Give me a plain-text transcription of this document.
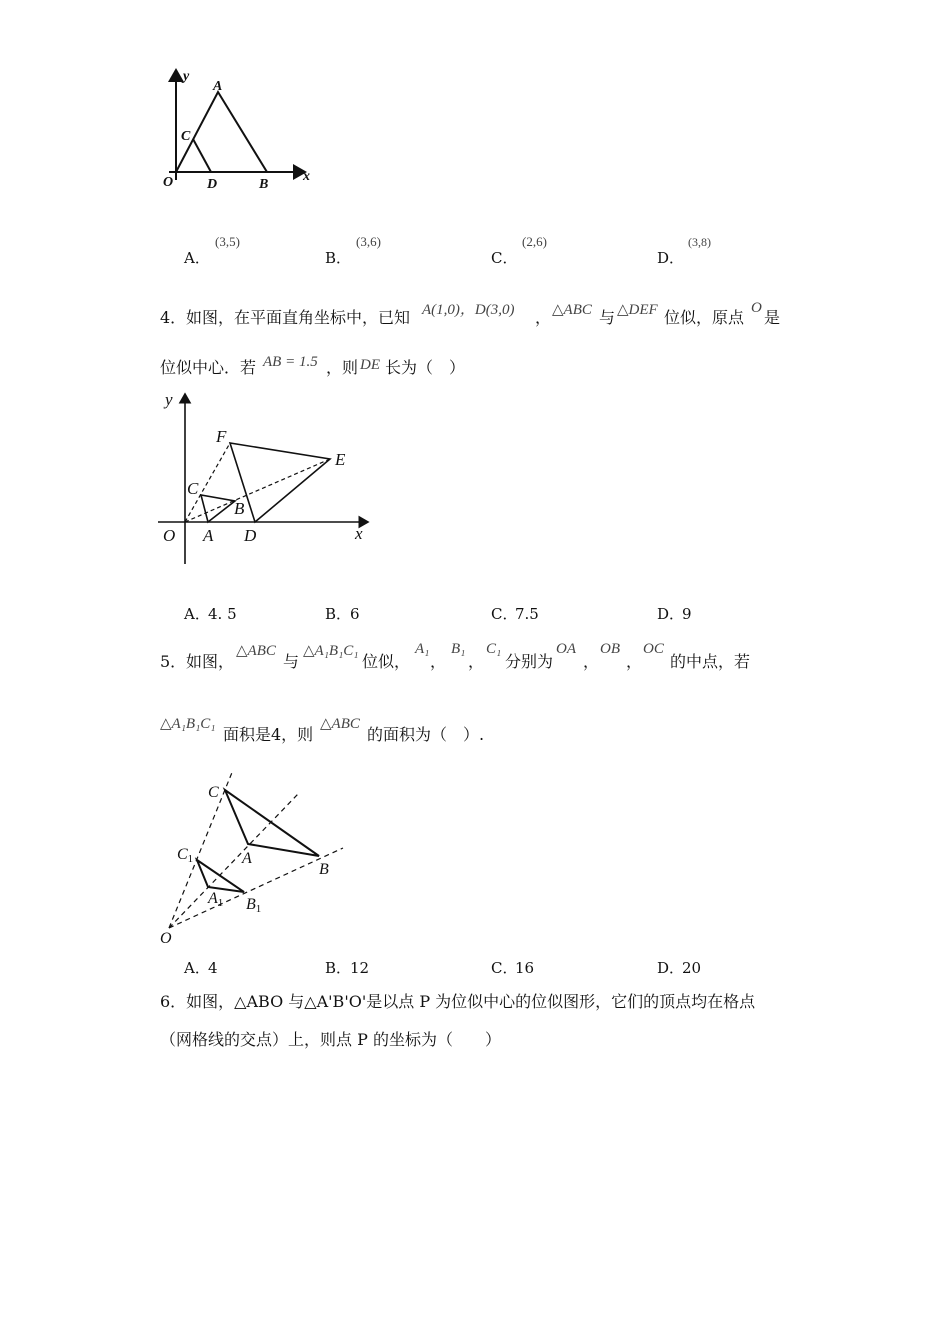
y
A
C
O D	B
x
A．
(3,5)
B．
(3,6)
C．
(2,6)
D．
(3,8)
4． 如图，在平面直角坐标中，已知 A(1,0)，D(3,0) ， △ABC 与 △DEF 位似，原点 O 是
位似中心．若 AB = 1.5 ，则 DE 长为（　）
y
F
E
C
B
O A D	x
A．
4. 5	B．
6	C．
7.5	D．
9
5． 如图，
△ABC
与
△A₁B₁C₁
位似，
A₁
，
B₁
，
C₁
分别为
OA
，
OB
，
OC
的中点，若
△A₁B₁C₁
面积是4，则
△ABC
的面积为（　）.
C
A
B
C1
A1 B1
O
A．
4	B．
12	C．
16	D．
20
6．如图，△ABO 与△A'B'O'是以点 P 为位似中心的位似图形，它们的顶点均在格点
（网格线的交点）上，则点 P 的坐标为（　　）
